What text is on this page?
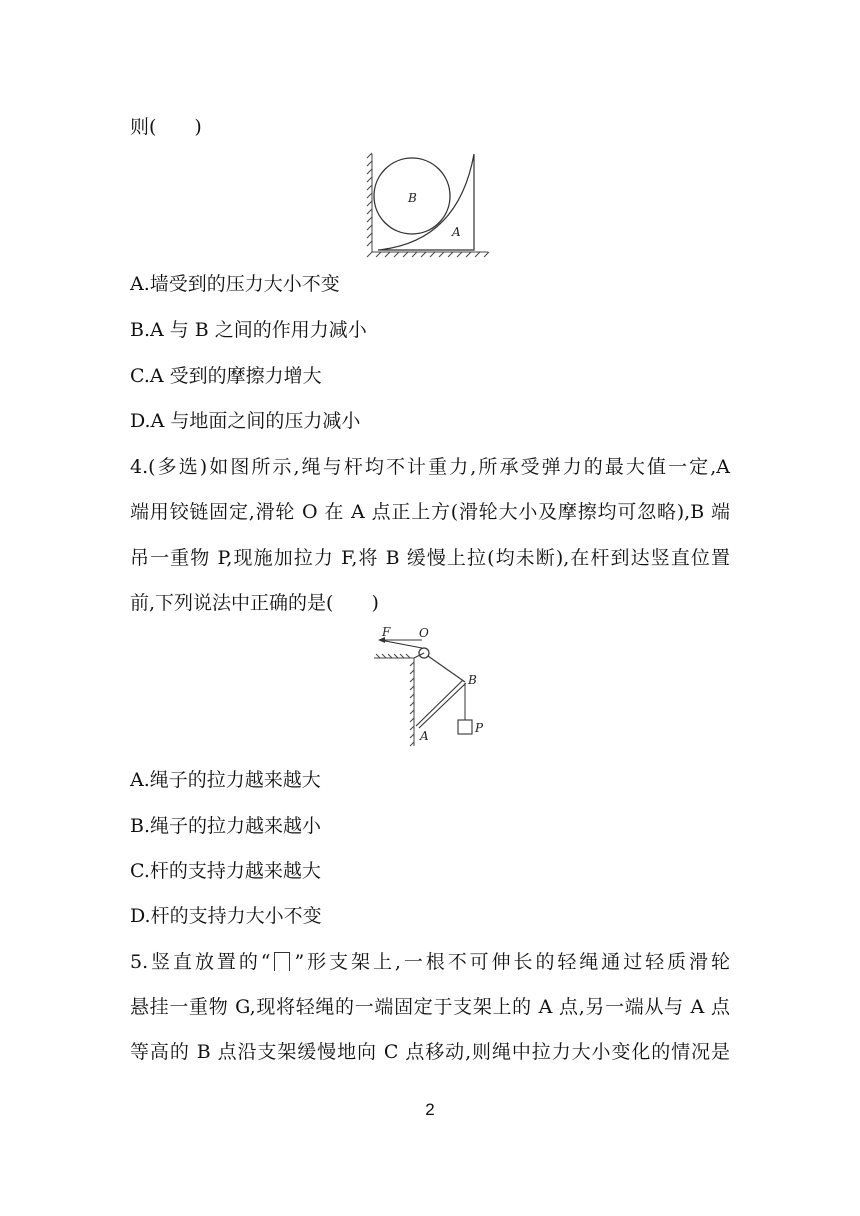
则(　　)
B
A
A.墙受到的压力大小不变
B.A 与 B 之间的作用力减小
C.A 受到的摩擦力增大
D.A 与地面之间的压力减小
4.(多选)如图所示,绳与杆均不计重力,所承受弹力的最大值一定,A
端用铰链固定,滑轮 O 在 A 点正上方(滑轮大小及摩擦均可忽略),B 端
吊一重物 P,现施加拉力 F,将 B 缓慢上拉(均未断),在杆到达竖直位置
前,下列说法中正确的是(　　)
F O
B
A
P
A.绳子的拉力越来越大
B.绳子的拉力越来越小
C.杆的支持力越来越大
D.杆的支持力大小不变
5.竖直放置的“ ”形支架上,一根不可伸长的轻绳通过轻质滑轮
悬挂一重物 G,现将轻绳的一端固定于支架上的 A 点,另一端从与 A 点
等高的 B 点沿支架缓慢地向 C 点移动,则绳中拉力大小变化的情况是
2
